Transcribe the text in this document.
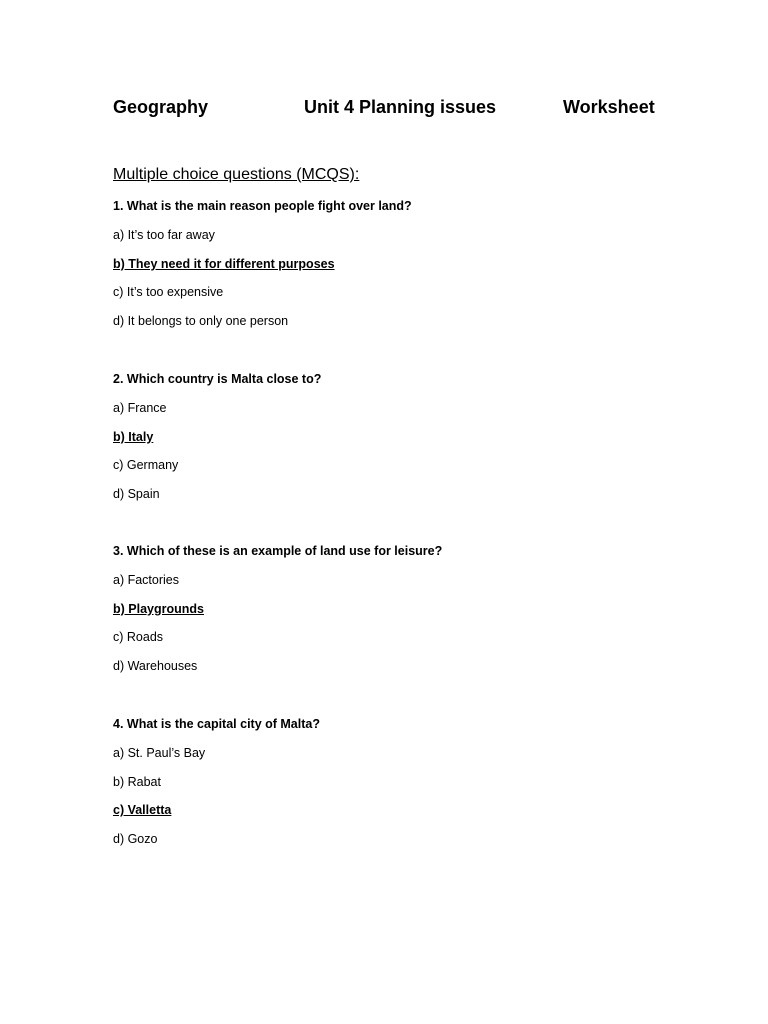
Geography	Unit 4 Planning issues	Worksheet
Multiple choice questions (MCQS):
1. What is the main reason people fight over land?
a) It’s too far away
b) They need it for different purposes
c) It’s too expensive
d) It belongs to only one person
2. Which country is Malta close to?
a) France
b) Italy
c) Germany
d) Spain
3. Which of these is an example of land use for leisure?
a) Factories
b) Playgrounds
c) Roads
d) Warehouses
4. What is the capital city of Malta?
a) St. Paul’s Bay
b) Rabat
c) Valletta
d) Gozo
